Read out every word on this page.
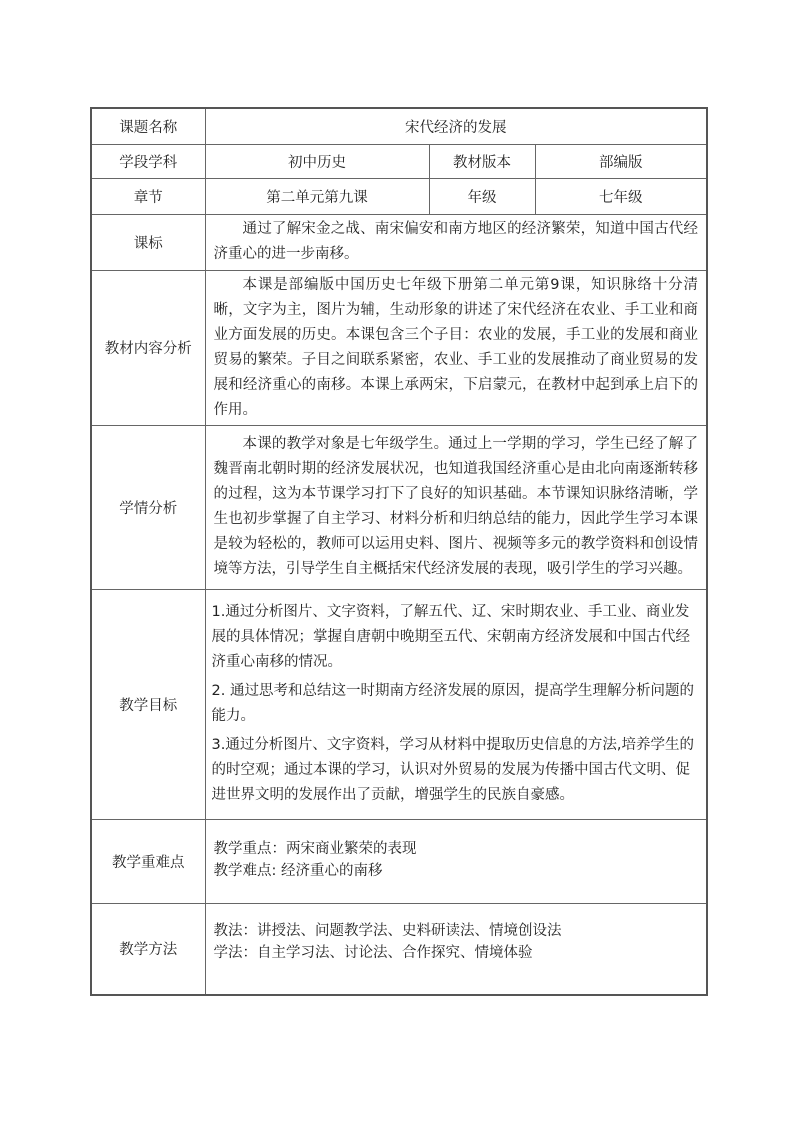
课题名称	宋代经济的发展		
学段学科	初中历史	教材版本	部编版
章节	第二单元第九课	年级	七年级
课标	通过了解宋金之战、南宋偏安和南方地区的经济繁荣，知道中国古代经济重心的进一步南移。		

教材内容分析	本课是部编版中国历史七年级下册第二单元第9课，知识脉络十分清晰，文字为主，图片为辅，生动形象的讲述了宋代经济在农业、手工业和商业方面发展的历史。本课包含三个子目：农业的发展，手工业的发展和商业贸易的繁荣。子目之间联系紧密，农业、手工业的发展推动了商业贸易的发展和经济重心的南移。本课上承两宋，下启蒙元，在教材中起到承上启下的作用。		

学情分析	本课的教学对象是七年级学生。通过上一学期的学习，学生已经了解了魏晋南北朝时期的经济发展状况，也知道我国经济重心是由北向南逐渐转移的过程，这为本节课学习打下了良好的知识基础。本节课知识脉络清晰，学生也初步掌握了自主学习、材料分析和归纳总结的能力，因此学生学习本课是较为轻松的，教师可以运用史料、图片、视频等多元的教学资料和创设情境等方法，引导学生自主概括宋代经济发展的表现，吸引学生的学习兴趣。		

教学目标	1.通过分析图片、文字资料，了解五代、辽、宋时期农业、手工业、商业发展的具体情况；掌握自唐朝中晚期至五代、宋朝南方经济发展和中国古代经济重心南移的情况。

2. 通过思考和总结这一时期南方经济发展的原因，提高学生理解分析问题的能力。

3.通过分析图片、文字资料，学习从材料中提取历史信息的方法,培养学生的的时空观；通过本课的学习，认识对外贸易的发展为传播中国古代文明、促进世界文明的发展作出了贡献，增强学生的民族自豪感。		

教学重难点	教学重点：两宋商业繁荣的表现
教学难点: 经济重心的南移		

教学方法	教法：讲授法、问题教学法、史料研读法、情境创设法
学法：自主学习法、讨论法、合作探究、情境体验		
